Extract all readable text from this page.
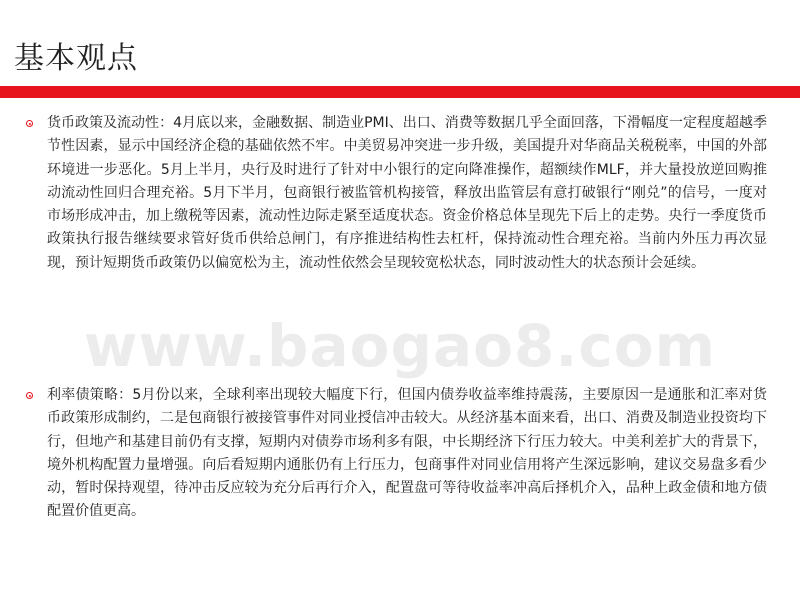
基本观点
www.baogao8.com

货币政策及流动性：4月底以来，金融数据、制造业PMI、出口、消费等数据几乎全面回落，下滑幅度一定程度超越季节性因素，显示中国经济企稳的基础依然不牢。中美贸易冲突进一步升级，美国提升对华商品关税税率，中国的外部环境进一步恶化。5月上半月，央行及时进行了针对中小银行的定向降准操作，超额续作MLF，并大量投放逆回购推动流动性回归合理充裕。5月下半月，包商银行被监管机构接管，释放出监管层有意打破银行“刚兑”的信号，一度对市场形成冲击，加上缴税等因素，流动性边际走紧至适度状态。资金价格总体呈现先下后上的走势。央行一季度货币政策执行报告继续要求管好货币供给总闸门，有序推进结构性去杠杆，保持流动性合理充裕。当前内外压力再次显现，预计短期货币政策仍以偏宽松为主，流动性依然会呈现较宽松状态，同时波动性大的状态预计会延续。

利率债策略：5月份以来，全球利率出现较大幅度下行，但国内债券收益率维持震荡，主要原因一是通胀和汇率对货币政策形成制约，二是包商银行被接管事件对同业授信冲击较大。从经济基本面来看，出口、消费及制造业投资均下行，但地产和基建目前仍有支撑，短期内对债券市场利多有限，中长期经济下行压力较大。中美利差扩大的背景下，境外机构配置力量增强。向后看短期内通胀仍有上行压力，包商事件对同业信用将产生深远影响，建议交易盘多看少动，暂时保持观望，待冲击反应较为充分后再行介入，配置盘可等待收益率冲高后择机介入，品种上政金债和地方债配置价值更高。
